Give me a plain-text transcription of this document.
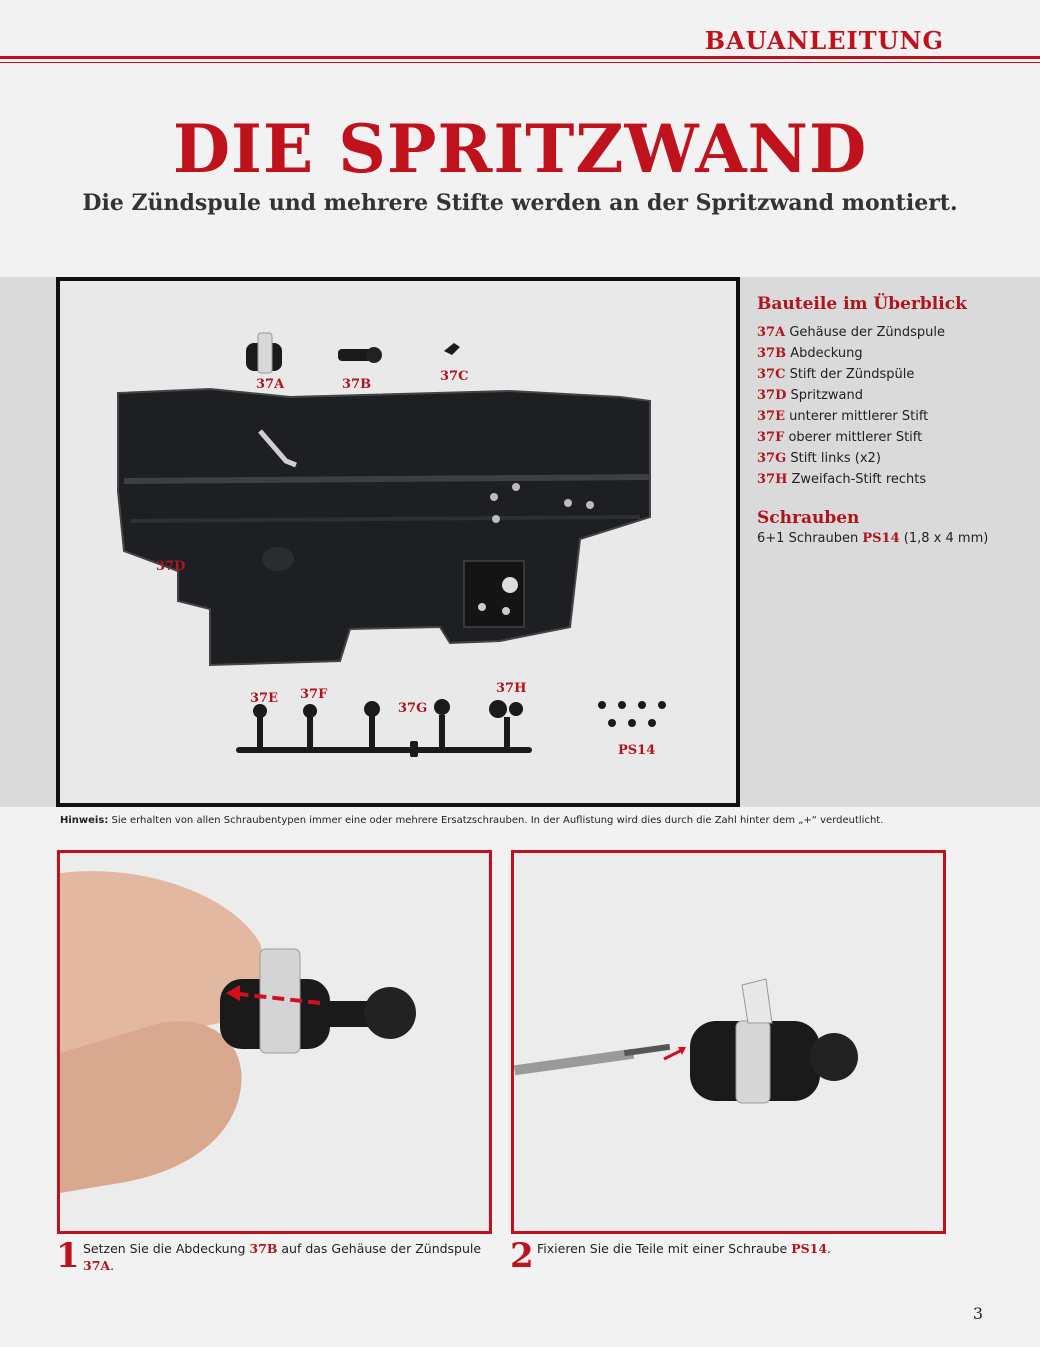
BAUANLEITUNG
DIE SPRITZWAND
Die Zündspule und mehrere Stifte werden an der Spritzwand montiert.
37A	37B
37C
37D
37E 37F
37G
37H
PS14
Bauteile im Überblick
37A Gehäuse der Zündspule
37B Abdeckung
37C Stift der Zündspüle
37D Spritzwand
37E unterer mittlerer Stift
37F oberer mittlerer Stift
37G Stift links (x2)
37H Zweifach-Stift rechts
Schrauben
6+1 Schrauben PS14 (1,8 x 4 mm)
Hinweis: Sie erhalten von allen Schraubentypen immer eine oder mehrere Ersatzschrauben. In der Auflistung wird dies durch die Zahl hinter dem „+“ verdeutlicht.
1 Setzen Sie die Abdeckung 37B auf das Gehäuse der Zündspule 37A.	2 Fixieren Sie die Teile mit einer Schraube PS14.
3
